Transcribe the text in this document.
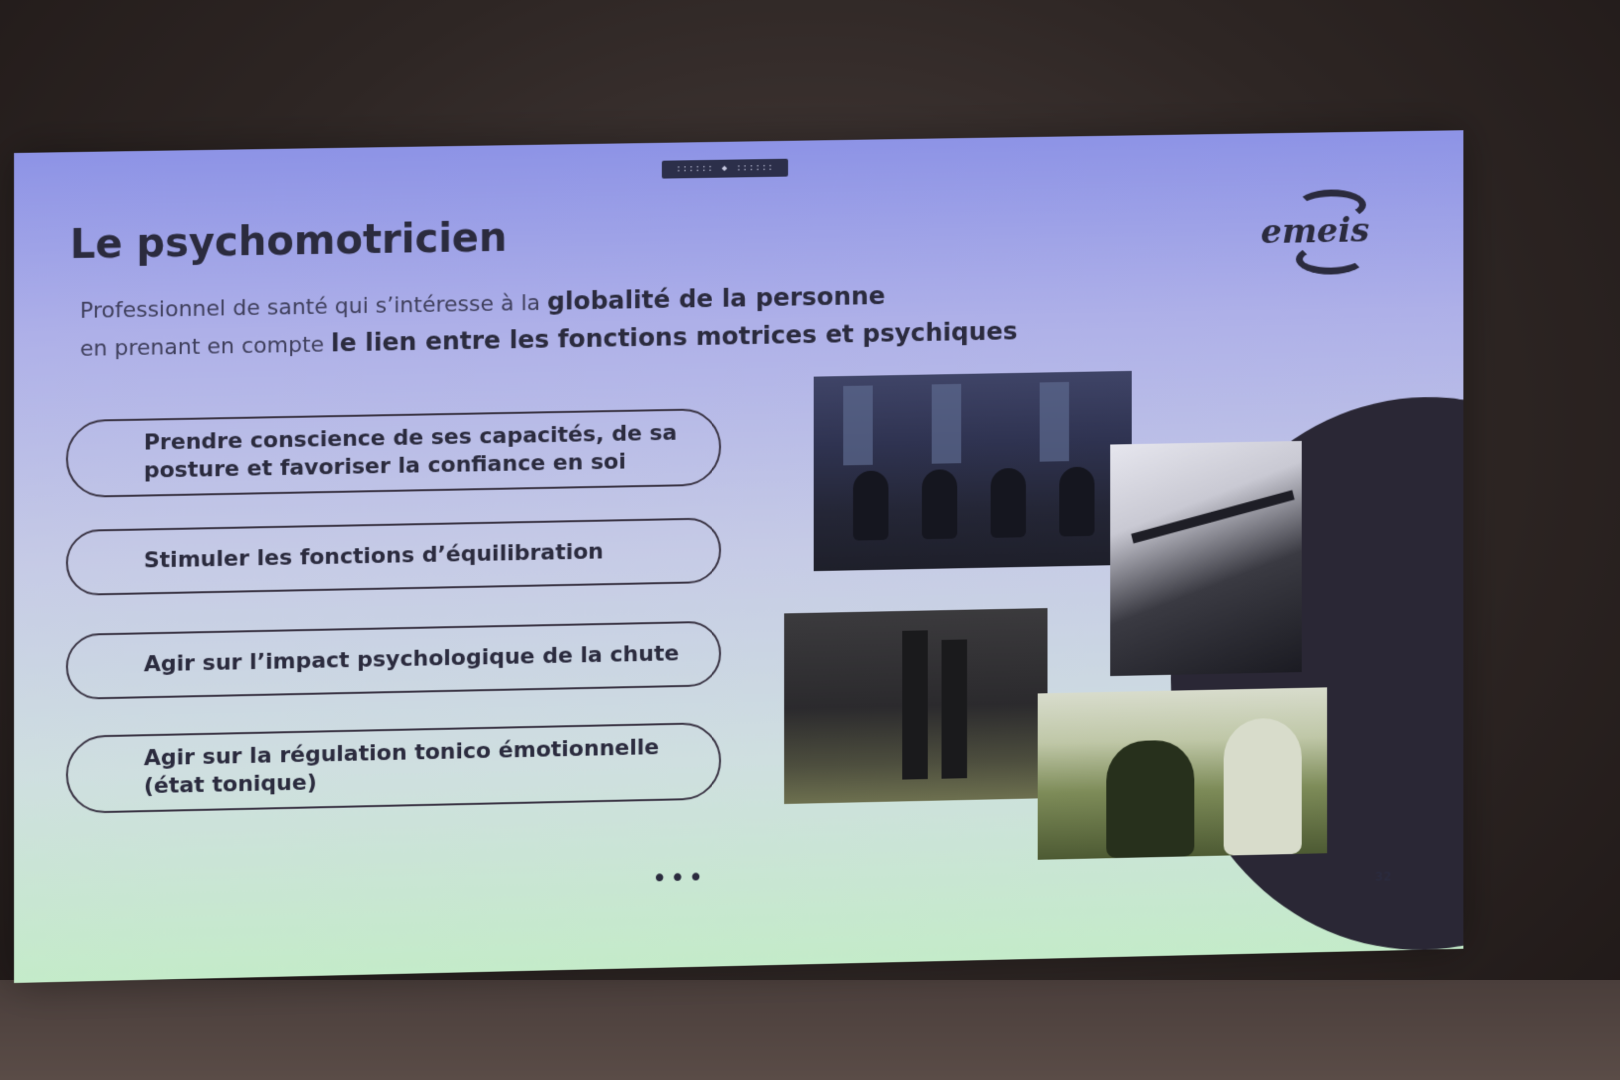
:::::: ◆ ::::::
Le psychomotricien	emeis
Professionnel de santé qui s’intéresse à la globalité de la personne
en prenant en compte le lien entre les fonctions motrices et psychiques
Prendre conscience de ses capacités, de sa posture et favoriser la confiance en soi
Stimuler les fonctions d’équilibration
Agir sur l’impact psychologique de la chute
Agir sur la régulation tonico émotionnelle (état tonique)
•••	32
